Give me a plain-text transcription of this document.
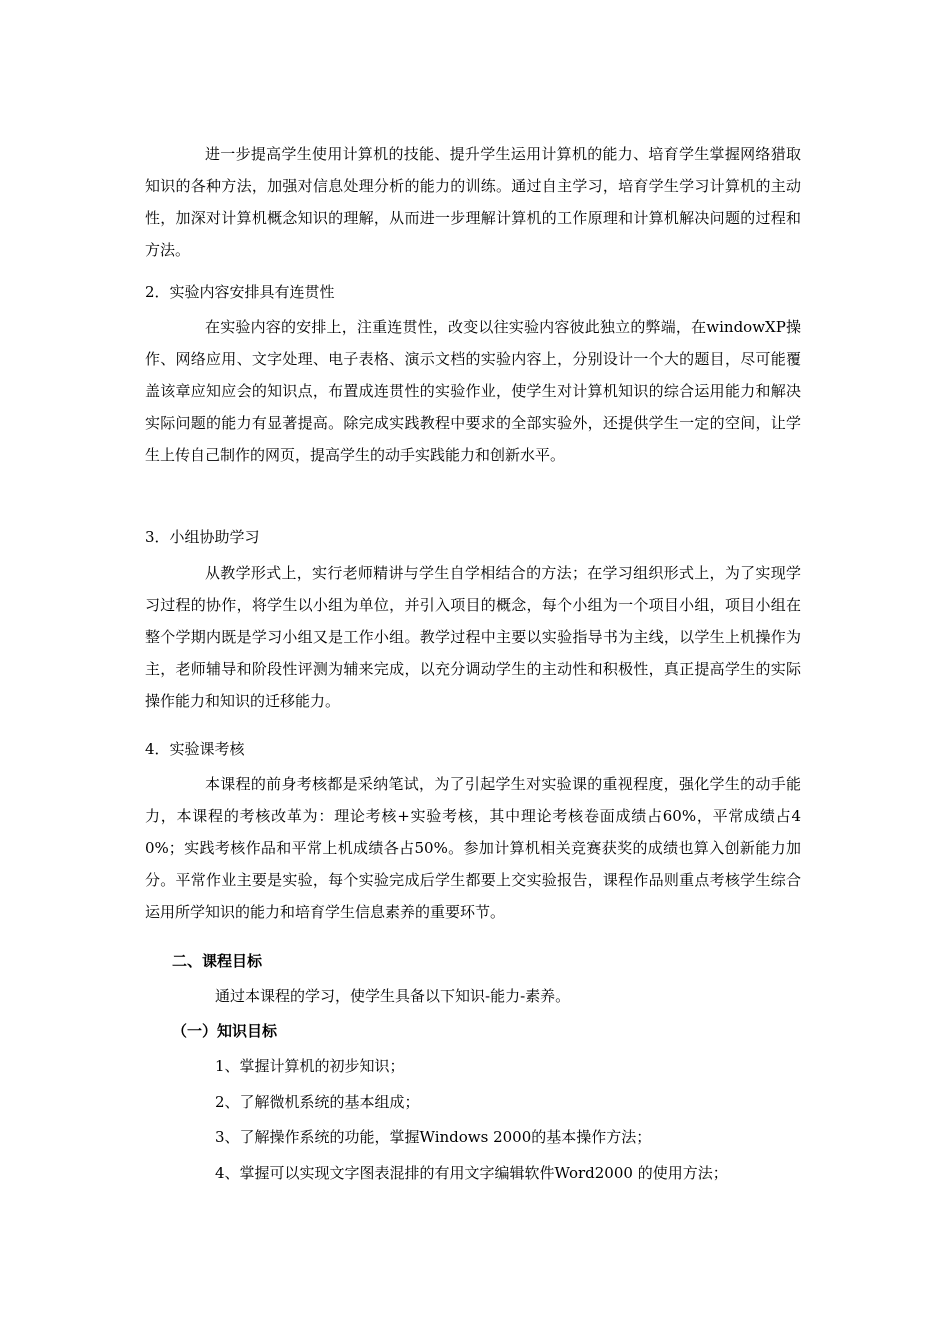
进一步提高学生使用计算机的技能、提升学生运用计算机的能力、培育学生掌握网络猎取知识的各种方法，加强对信息处理分析的能力的训练。通过自主学习，培育学生学习计算机的主动性，加深对计算机概念知识的理解，从而进一步理解计算机的工作原理和计算机解决问题的过程和方法。

2．实验内容安排具有连贯性

在实验内容的安排上，注重连贯性，改变以往实验内容彼此独立的弊端，在windowXP操作、网络应用、文字处理、电子表格、演示文档的实验内容上，分别设计一个大的题目，尽可能覆盖该章应知应会的知识点，布置成连贯性的实验作业，使学生对计算机知识的综合运用能力和解决实际问题的能力有显著提高。除完成实践教程中要求的全部实验外，还提供学生一定的空间，让学生上传自己制作的网页，提高学生的动手实践能力和创新水平。

3．小组协助学习

从教学形式上，实行老师精讲与学生自学相结合的方法；在学习组织形式上，为了实现学习过程的协作，将学生以小组为单位，并引入项目的概念，每个小组为一个项目小组，项目小组在整个学期内既是学习小组又是工作小组。教学过程中主要以实验指导书为主线，以学生上机操作为主，老师辅导和阶段性评测为辅来完成，以充分调动学生的主动性和积极性，真正提高学生的实际操作能力和知识的迁移能力。

4．实验课考核

本课程的前身考核都是采纳笔试，为了引起学生对实验课的重视程度，强化学生的动手能力，本课程的考核改革为：理论考核+实验考核，其中理论考核卷面成绩占60%，平常成绩占40%；实践考核作品和平常上机成绩各占50%。参加计算机相关竞赛获奖的成绩也算入创新能力加分。平常作业主要是实验，每个实验完成后学生都要上交实验报告，课程作品则重点考核学生综合运用所学知识的能力和培育学生信息素养的重要环节。

二、课程目标

通过本课程的学习，使学生具备以下知识-能力-素养。

（一）知识目标

1、掌握计算机的初步知识；

2、了解微机系统的基本组成；

3、了解操作系统的功能，掌握Windows 2000的基本操作方法；

4、掌握可以实现文字图表混排的有用文字编辑软件Word2000 的使用方法；
